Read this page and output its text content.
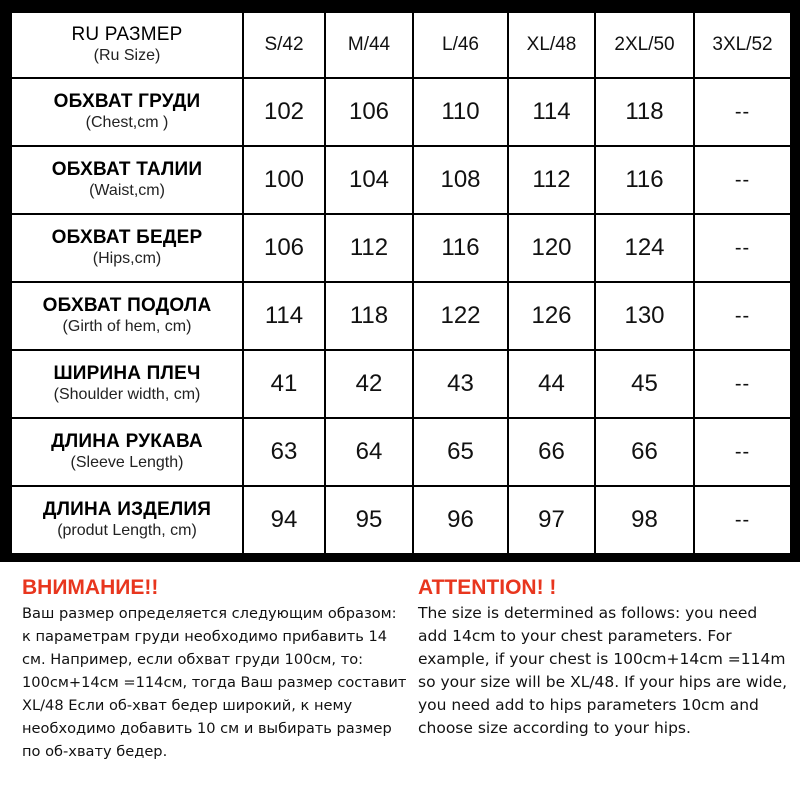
RU РАЗМЕР
(Ru Size)	S/42	M/44	L/46	XL/48	2XL/50	3XL/52

ОБХВАТ ГРУДИ
(Chest,cm )	102	106	110	114	118	--

ОБХВАТ ТАЛИИ
(Waist,cm)	100	104	108	112	116	--

ОБХВАТ БЕДЕР
(Hips,cm)	106	112	116	120	124	--

ОБХВАТ ПОДОЛА
(Girth of hem, cm)	114	118	122	126	130	--

ШИРИНА ПЛЕЧ
(Shoulder width, cm)	41	42	43	44	45	--

ДЛИНА РУКАВА
(Sleeve Length)	63	64	65	66	66	--

ДЛИНА ИЗДЕЛИЯ
(produt Length, cm)	94	95	96	97	98	--
ВНИМАНИЕ!!
Ваш размер определяется следующим образом: к параметрам груди необходимо прибавить 14 см. Например, если обхват груди 100см, то: 100cм+14cм =114см, тогда Ваш размер составит XL/48 Если об-хват бедер широкий, к нему необходимо добавить 10 см и выбирать размер по об-хвату бедер.
ATTENTION! !
The size is determined as follows: you need add 14cm to your chest parameters. For example, if your chest is 100cm+14cm =114m so your size will be XL/48. If your hips are wide, you need add to hips parameters 10cm and choose size according to your hips.
